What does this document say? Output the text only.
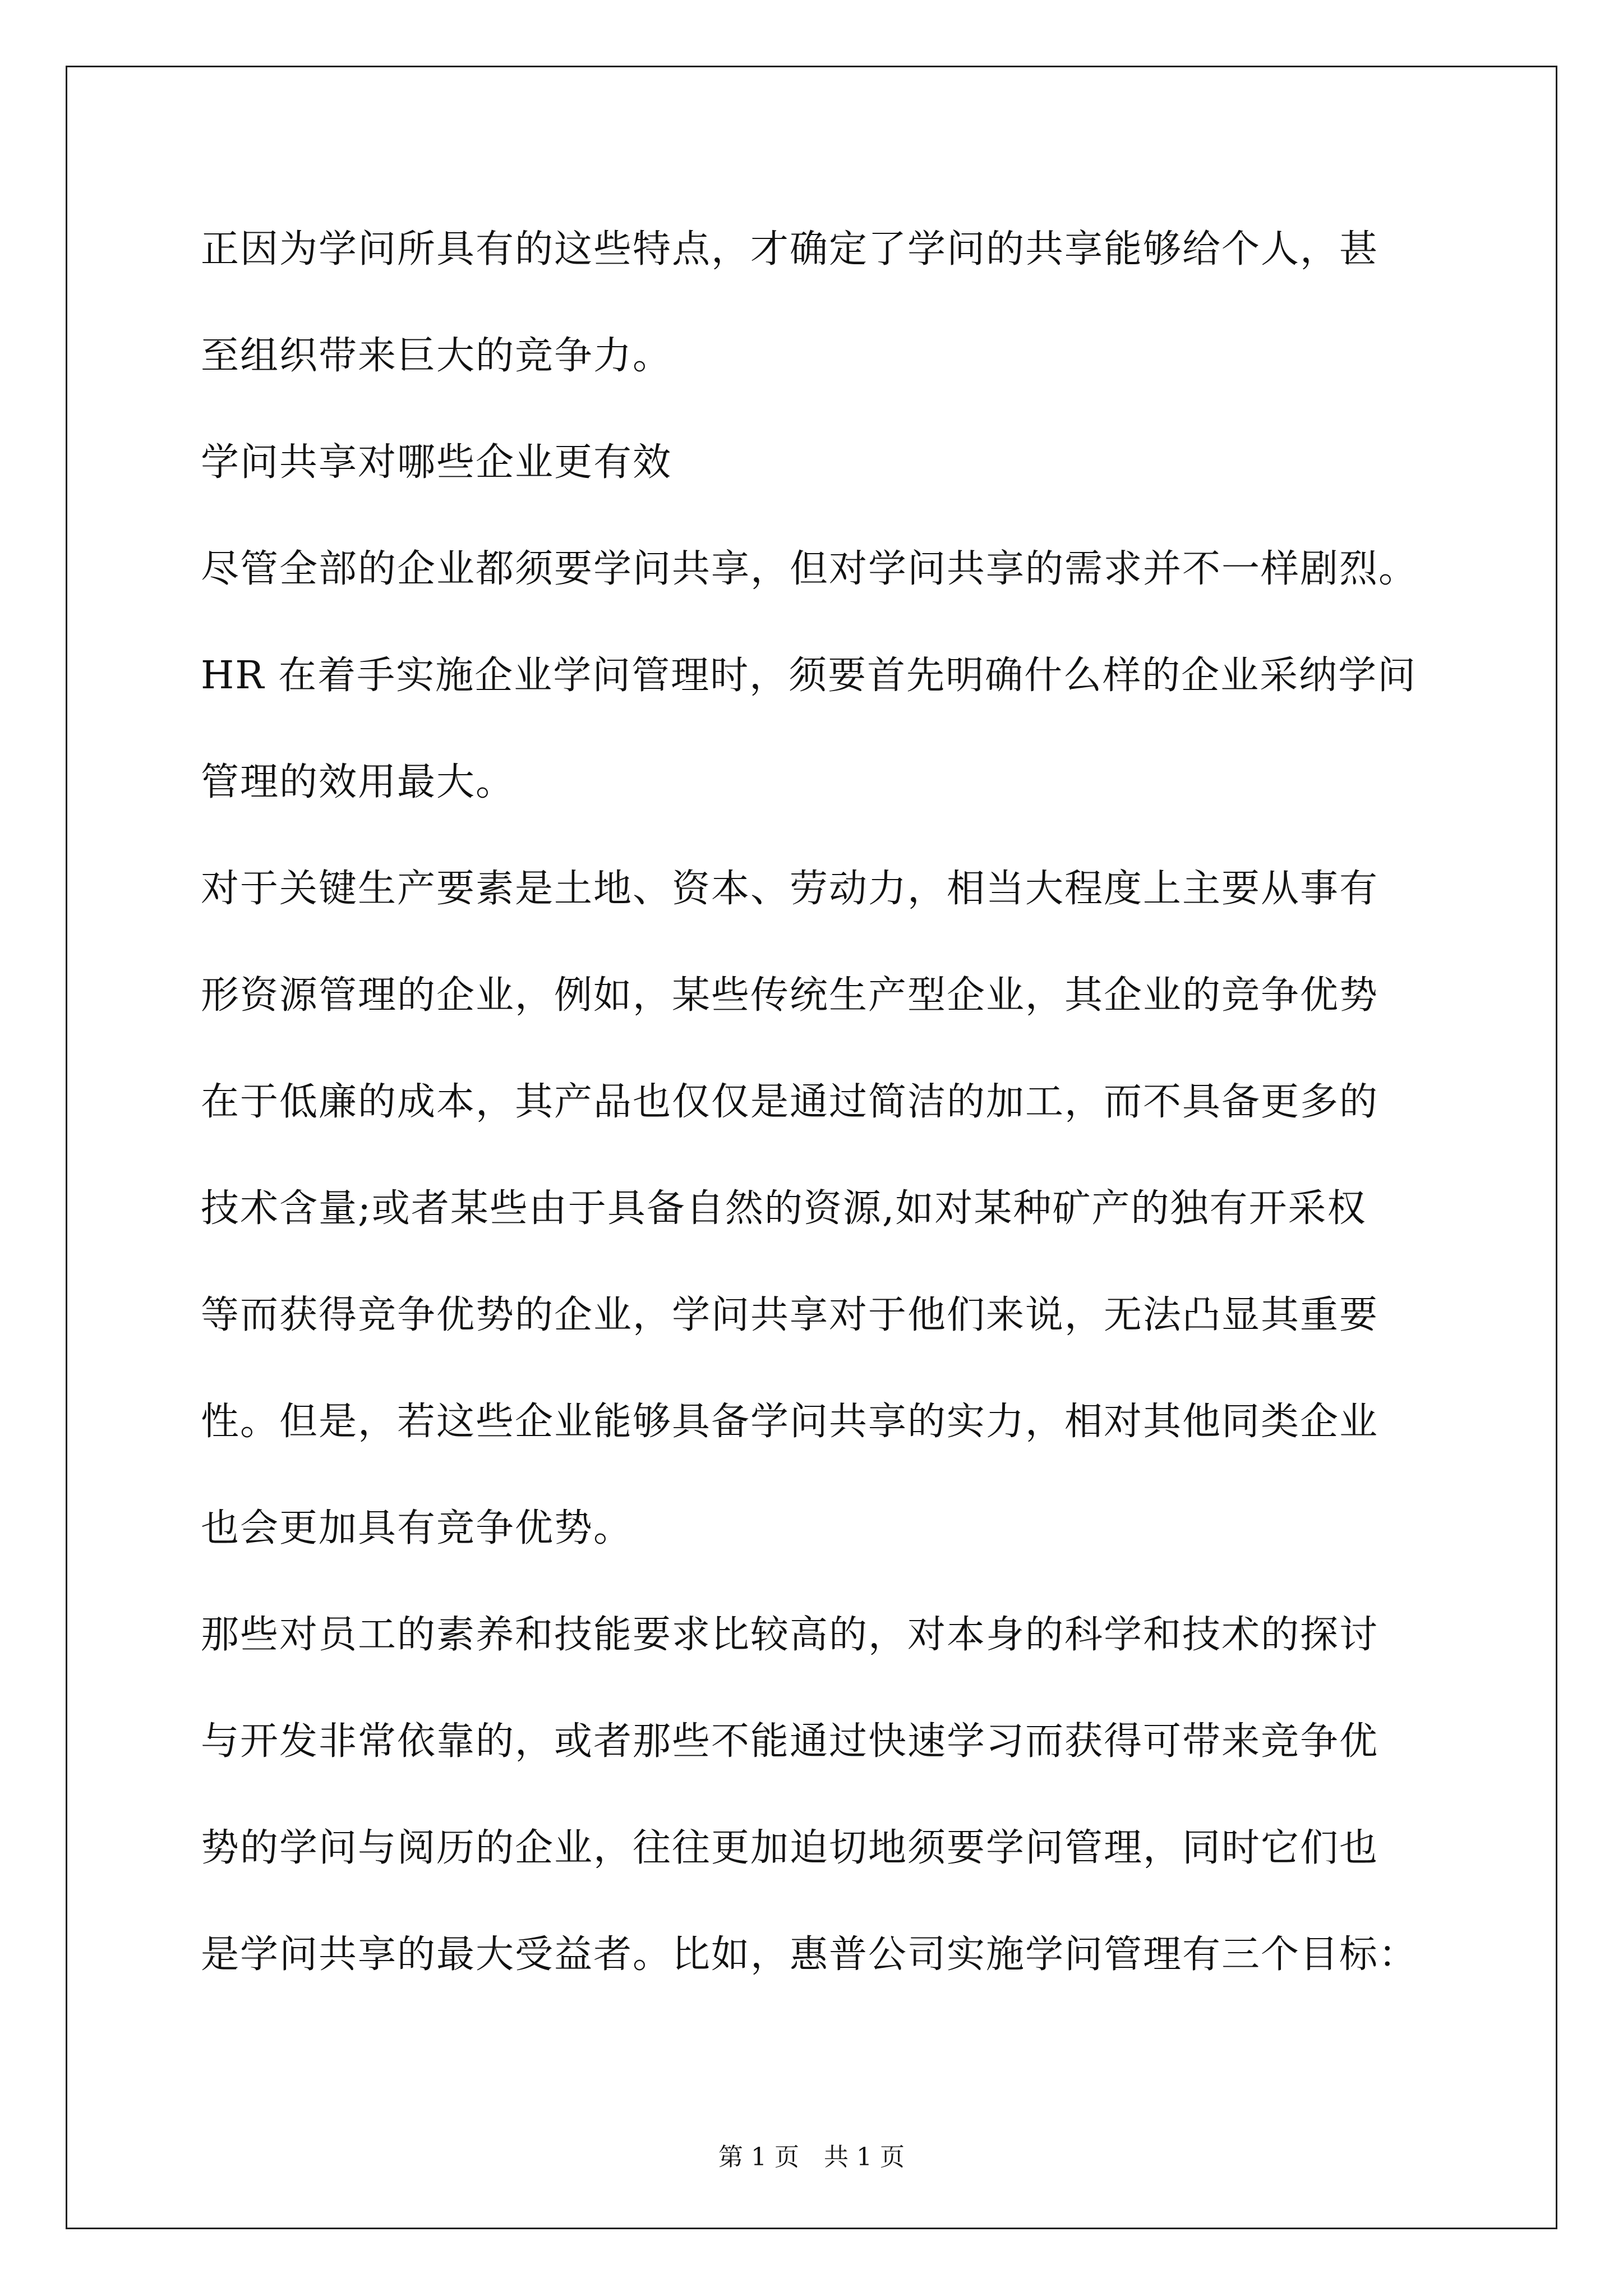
正因为学问所具有的这些特点，才确定了学问的共享能够给个人，甚
至组织带来巨大的竞争力。
学问共享对哪些企业更有效
尽管全部的企业都须要学问共享，但对学问共享的需求并不一样剧烈。
HR 在着手实施企业学问管理时，须要首先明确什么样的企业采纳学问
管理的效用最大。
对于关键生产要素是土地、资本、劳动力，相当大程度上主要从事有
形资源管理的企业，例如，某些传统生产型企业，其企业的竞争优势
在于低廉的成本，其产品也仅仅是通过简洁的加工，而不具备更多的
技术含量;或者某些由于具备自然的资源,如对某种矿产的独有开采权
等而获得竞争优势的企业，学问共享对于他们来说，无法凸显其重要
性。但是，若这些企业能够具备学问共享的实力，相对其他同类企业
也会更加具有竞争优势。
那些对员工的素养和技能要求比较高的，对本身的科学和技术的探讨
与开发非常依靠的，或者那些不能通过快速学习而获得可带来竞争优
势的学问与阅历的企业，往往更加迫切地须要学问管理，同时它们也
是学问共享的最大受益者。比如，惠普公司实施学问管理有三个目标：
第 1 页　共 1 页
